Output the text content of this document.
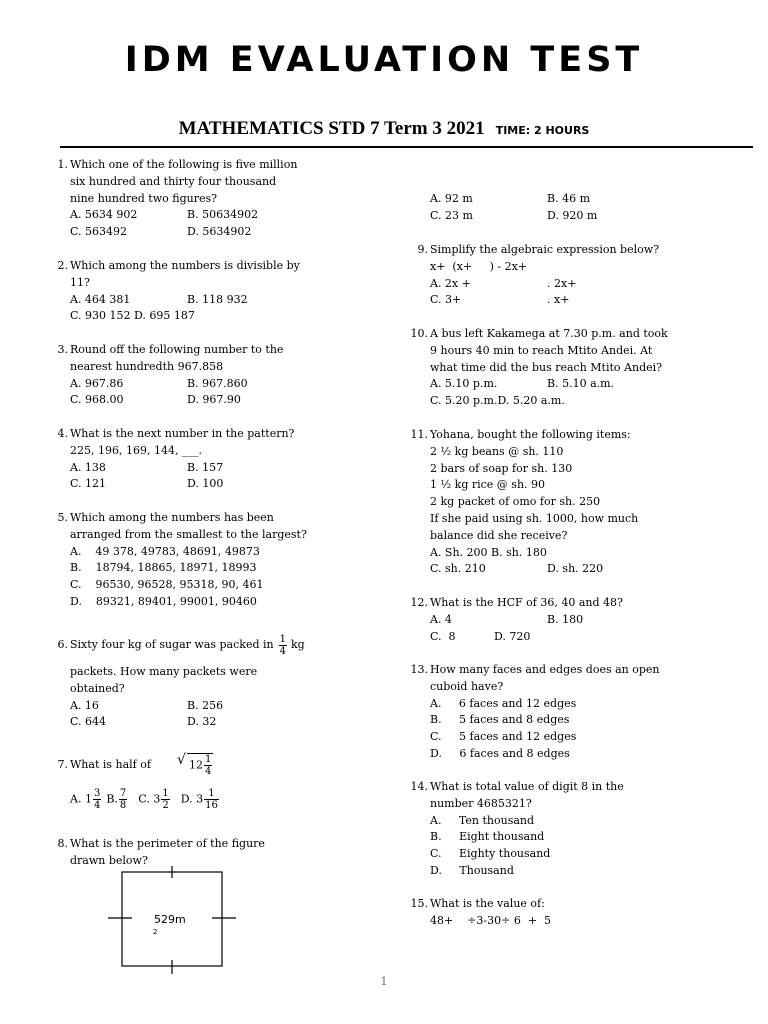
IDM EVALUATION TEST
MATHEMATICS STD 7 Term 3 2021 TIME: 2 HOURS
1. Which one of the following is five million
six hundred and thirty four thousand
nine hundred two figures?
A. 5634 902	B. 50634902
C. 563492	D. 5634902
2. Which among the numbers is divisible by
11?
A. 464 381	B. 118 932
C. 930 152 D. 695 187
3. Round off the following number to the
nearest hundredth 967.858
A. 967.86	B. 967.860
C. 968.00	D. 967.90
4. What is the next number in the pattern?
225, 196, 169, 144, ___.
A. 138	B. 157
C. 121	D. 100
5. Which among the numbers has been
arranged from the smallest to the largest?
A.    49 378, 49783, 48691, 49873
B.    18794, 18865, 18971, 18993
C.    96530, 96528, 95318, 90, 461
D.    89321, 89401, 99001, 90460
6. Sixty four kg of sugar was packed in $\frac{1}{4}$ kg
packets. How many packets were
obtained?
A. 16	B. 256
C. 644	D. 32
7. What is half of
√	$12 \frac{1}{4}$
A. $1 \frac{3}{4} B$. $\frac{7}{8} C$. $3 \frac{1}{2} D$. $3 \frac{1}{16}$
8. What is the perimeter of the figure
drawn below?
529m
2
A. 92 m	B. 46 m
C. 23 m	D. 920 m
9. Simplify the algebraic expression below?
x+  (x+     ) - 2x+
A. 2x +	. 2x+
C. 3+	. x+
10. A bus left Kakamega at 7.30 p.m. and took
9 hours 40 min to reach Mtito Andei. At
what time did the bus reach Mtito Andei?
A. 5.10 p.m.	B. 5.10 a.m.
C. 5.20 p.m.D. 5.20 a.m.
11. Yohana, bought the following items:
2 ½ kg beans @ sh. 110
2 bars of soap for sh. 130
1 ½ kg rice @ sh. 90
2 kg packet of omo for sh. 250
If she paid using sh. 1000, how much
balance did she receive?
A. Sh. 200 B. sh. 180
C. sh. 210	D. sh. 220
12. What is the HCF of 36, 40 and 48?
A. 4	B. 180
C.  8           D. 720
13. How many faces and edges does an open
cuboid have?
A.     6 faces and 12 edges
B.     5 faces and 8 edges
C.     5 faces and 12 edges
D.     6 faces and 8 edges
14. What is total value of digit 8 in the
number 4685321?
A.     Ten thousand
B.     Eight thousand
C.     Eighty thousand
D.     Thousand
15. What is the value of:
48+    ÷3-30÷ 6  +  5
1
